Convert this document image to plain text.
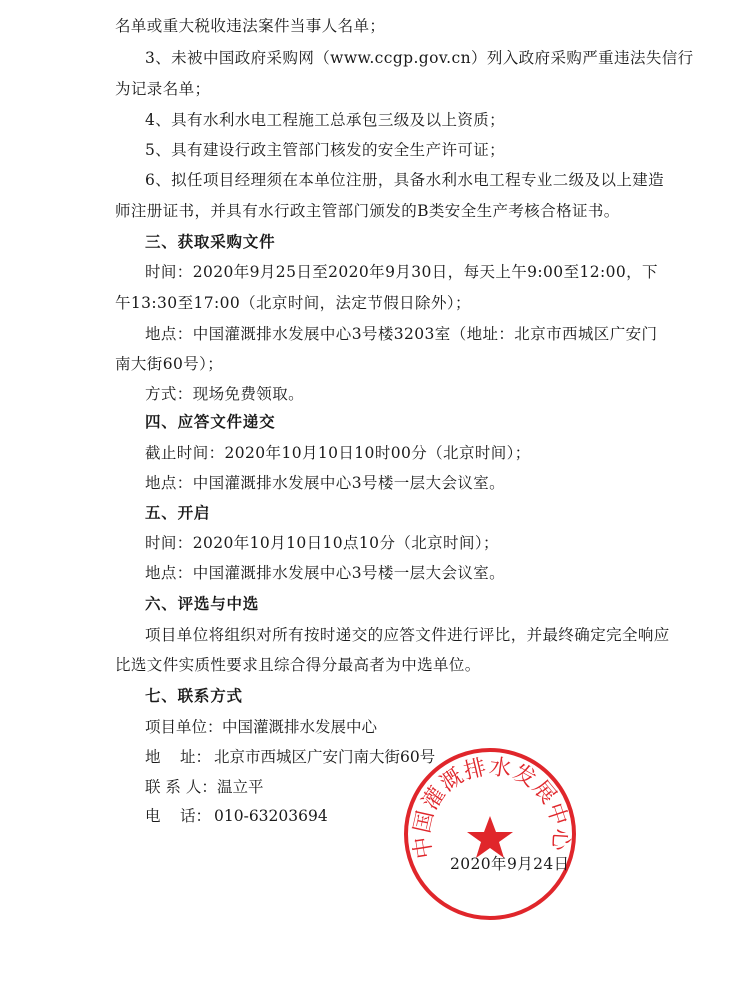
名单或重大税收违法案件当事人名单；
3、未被中国政府采购网（www.ccgp.gov.cn）列入政府采购严重违法失信行
为记录名单；
4、具有水利水电工程施工总承包三级及以上资质；
5、具有建设行政主管部门核发的安全生产许可证；
6、拟任项目经理须在本单位注册，具备水利水电工程专业二级及以上建造
师注册证书，并具有水行政主管部门颁发的B类安全生产考核合格证书。
三、获取采购文件
时间：2020年9月25日至2020年9月30日，每天上午9:00至12:00，下
午13:30至17:00（北京时间，法定节假日除外）；
地点：中国灌溉排水发展中心3号楼3203室（地址：北京市西城区广安门
南大街60号）；
方式：现场免费领取。
四、应答文件递交
截止时间：2020年10月10日10时00分（北京时间）；
地点：中国灌溉排水发展中心3号楼一层大会议室。
五、开启
时间：2020年10月10日10点10分（北京时间）；
地点：中国灌溉排水发展中心3号楼一层大会议室。
六、评选与中选
项目单位将组织对所有按时递交的应答文件进行评比，并最终确定完全响应
比选文件实质性要求且综合得分最高者为中选单位。
七、联系方式
项目单位： 中国灌溉排水发展中心
地 址： 北京市西城区广安门南大街60号
联 系 人： 温立平
电 话： 010-63203694
中国灌溉排水发展中心
2020年9月24日
